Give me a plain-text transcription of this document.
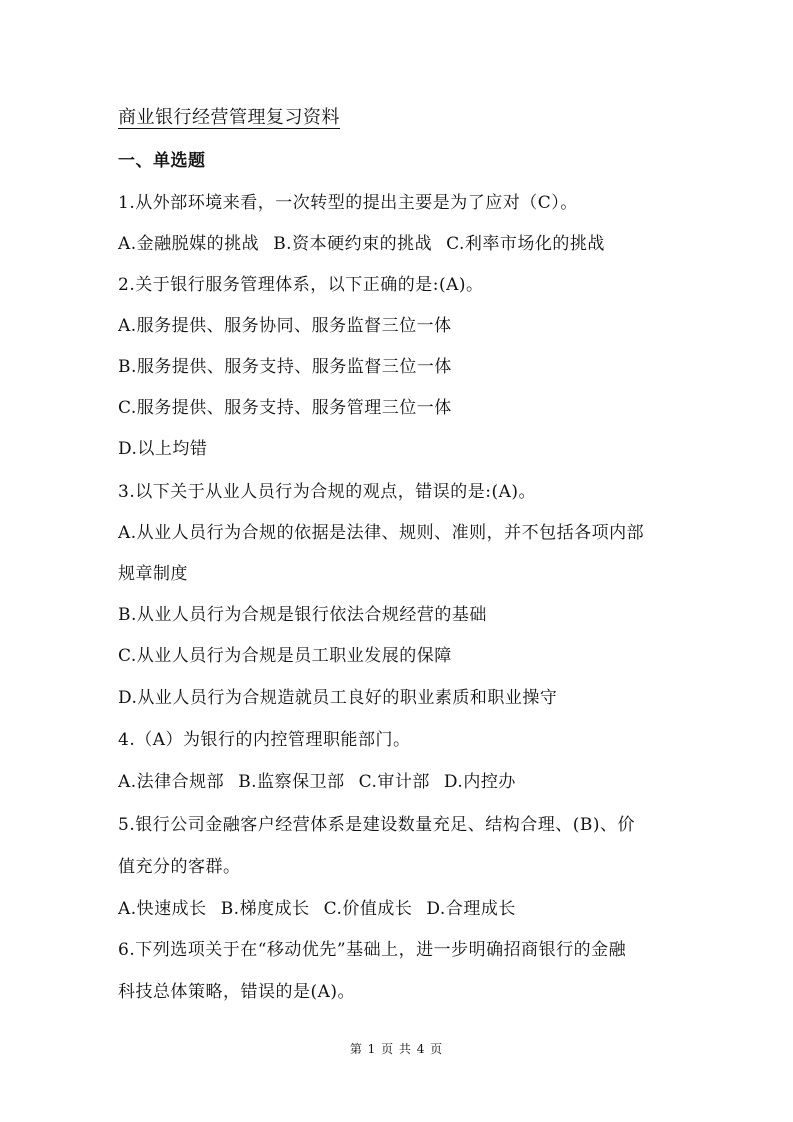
商业银行经营管理复习资料
一、单选题
1.从外部环境来看，一次转型的提出主要是为了应对（C）。
A.金融脱媒的挑战 B.资本硬约束的挑战 C.利率市场化的挑战
2.关于银行服务管理体系，以下正确的是:(A)。
A.服务提供、服务协同、服务监督三位一体
B.服务提供、服务支持、服务监督三位一体
C.服务提供、服务支持、服务管理三位一体
D.以上均错
3.以下关于从业人员行为合规的观点，错误的是:(A)。
A.从业人员行为合规的依据是法律、规则、准则，并不包括各项内部
规章制度
B.从业人员行为合规是银行依法合规经营的基础
C.从业人员行为合规是员工职业发展的保障
D.从业人员行为合规造就员工良好的职业素质和职业操守
4.（A）为银行的内控管理职能部门。
A.法律合规部 B.监察保卫部 C.审计部 D.内控办
5.银行公司金融客户经营体系是建设数量充足、结构合理、(B)、价
值充分的客群。
A.快速成长 B.梯度成长 C.价值成长 D.合理成长
6.下列选项关于在“移动优先”基础上，进一步明确招商银行的金融
科技总体策略，错误的是(A)。
第 1 页 共 4 页
